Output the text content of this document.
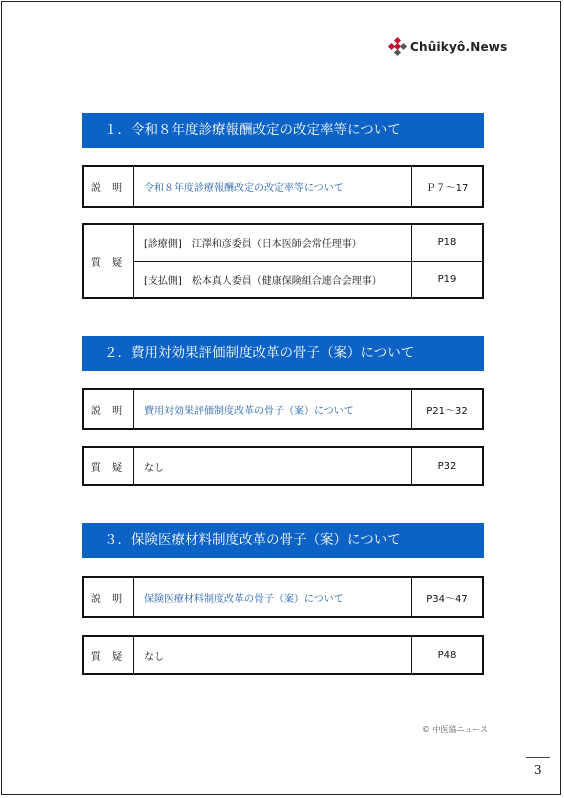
Chûikyô.News
１．令和８年度診療報酬改定の改定率等について
説 明	令和８年度診療報酬改定の改定率等について	Ｐ７～17
質 疑
[診療側]　江澤和彦委員（日本医師会常任理事）	P18
[支払側]　松本真人委員（健康保険組合連合会理事）	P19
２．費用対効果評価制度改革の骨子（案）について
説 明	費用対効果評価制度改革の骨子（案）について	P21～32
質 疑	なし	P32
３．保険医療材料制度改革の骨子（案）について
説 明	保険医療材料制度改革の骨子（案）について	P34～47
質 疑	なし	P48
© 中医協ニュース
3
